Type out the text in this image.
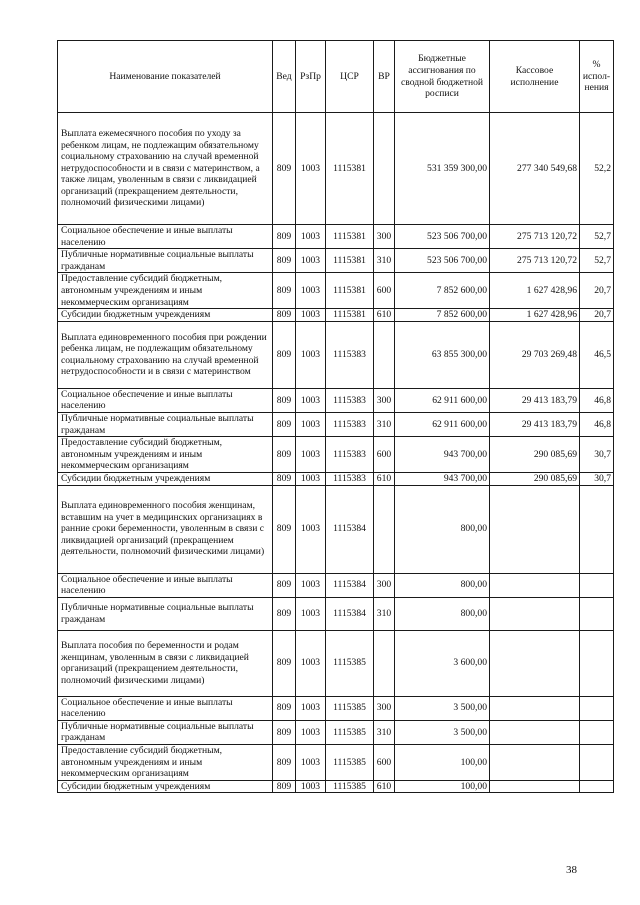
Наименование показателей	Вед	РзПр	ЦСР	ВР	Бюджетные ассигнования по сводной бюджетной росписи	Кассовое исполнение	% испол-нения
Выплата ежемесячного пособия по уходу за ребенком лицам, не подлежащим обязательному социальному страхованию на случай временной нетрудоспособности и в связи с материнством, а также лицам, уволенным в связи с ликвидацией организаций (прекращением деятельности, полномочий физическими лицами)	809	1003	1115381		531 359 300,00	277 340 549,68	52,2
Социальное обеспечение и иные выплаты населению	809	1003	1115381	300	523 506 700,00	275 713 120,72	52,7
Публичные нормативные социальные выплаты гражданам	809	1003	1115381	310	523 506 700,00	275 713 120,72	52,7
Предоставление субсидий бюджетным, автономным учреждениям и иным некоммерческим организациям	809	1003	1115381	600	7 852 600,00	1 627 428,96	20,7
Субсидии бюджетным учреждениям	809	1003	1115381	610	7 852 600,00	1 627 428,96	20,7
Выплата единовременного пособия при рождении ребенка лицам, не подлежащим обязательному социальному страхованию на случай временной нетрудоспособности и в связи с материнством	809	1003	1115383		63 855 300,00	29 703 269,48	46,5
Социальное обеспечение и иные выплаты населению	809	1003	1115383	300	62 911 600,00	29 413 183,79	46,8
Публичные нормативные социальные выплаты гражданам	809	1003	1115383	310	62 911 600,00	29 413 183,79	46,8
Предоставление субсидий бюджетным, автономным учреждениям и иным некоммерческим организациям	809	1003	1115383	600	943 700,00	290 085,69	30,7
Субсидии бюджетным учреждениям	809	1003	1115383	610	943 700,00	290 085,69	30,7
Выплата единовременного пособия женщинам, вставшим на учет в медицинских организациях в ранние сроки беременности, уволенным в связи с ликвидацией организаций (прекращением деятельности, полномочий физическими лицами)	809	1003	1115384		800,00		
Социальное обеспечение и иные выплаты населению	809	1003	1115384	300	800,00		
Публичные нормативные социальные выплаты гражданам	809	1003	1115384	310	800,00		
Выплата пособия по беременности и родам женщинам, уволенным в связи с ликвидацией организаций (прекращением деятельности, полномочий физическими лицами)	809	1003	1115385		3 600,00		
Социальное обеспечение и иные выплаты населению	809	1003	1115385	300	3 500,00		
Публичные нормативные социальные выплаты гражданам	809	1003	1115385	310	3 500,00		
Предоставление субсидий бюджетным, автономным учреждениям и иным некоммерческим организациям	809	1003	1115385	600	100,00		
Субсидии бюджетным учреждениям	809	1003	1115385	610	100,00		
38
